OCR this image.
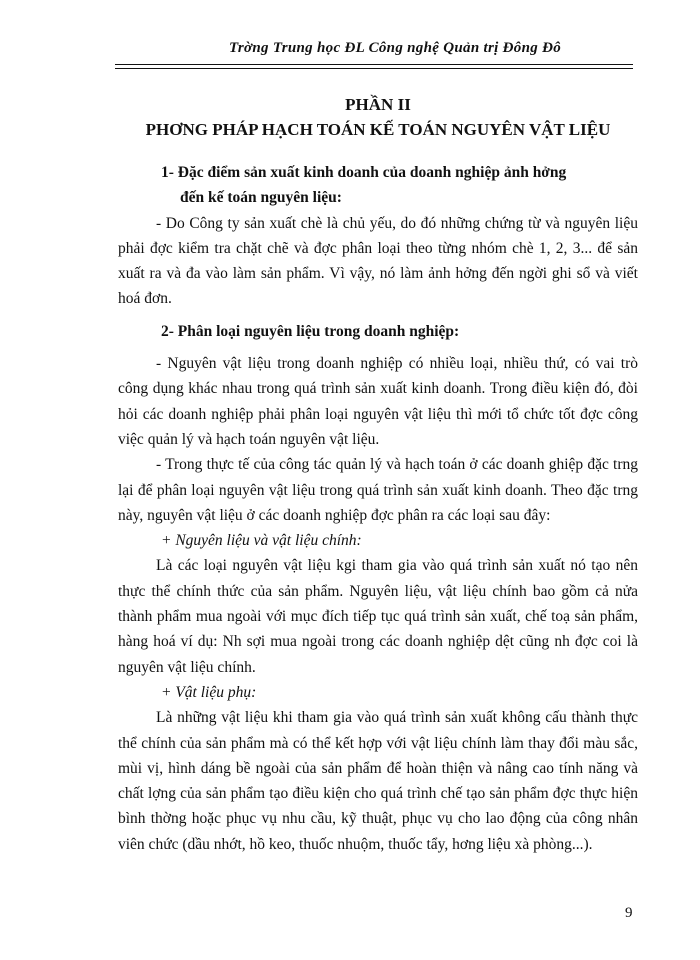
Trờng Trung học ĐL Công nghệ Quản trị Đông Đô
PHẦN II
PHƠNG PHÁP HẠCH TOÁN KẾ TOÁN NGUYÊN VẬT LIỆU
1- Đặc điểm sản xuất kinh doanh của doanh nghiệp ảnh hởng
đến kế toán nguyên liệu:

- Do Công ty sản xuất chè là chủ yếu, do đó những chứng từ và nguyên liệu phải đợc kiểm tra chặt chẽ và đợc phân loại theo từng nhóm chè 1, 2, 3... để sản xuất ra và đa vào làm sản phẩm. Vì vậy, nó làm ảnh hởng đến ngời ghi sổ và viết hoá đơn.

2- Phân loại nguyên liệu trong doanh nghiệp:

- Nguyên vật liệu trong doanh nghiệp có nhiều loại, nhiều thứ, có vai trò công dụng khác nhau trong quá trình sản xuất kinh doanh. Trong điều kiện đó, đòi hỏi các doanh nghiệp phải phân loại nguyên vật liệu thì mới tổ chức tốt đợc công việc quản lý và hạch toán nguyên vật liệu.

- Trong thực tế của công tác quản lý và hạch toán ở các doanh ghiệp đặc trng lại để phân loại nguyên vật liệu trong quá trình sản xuất kinh doanh. Theo đặc trng này, nguyên vật liệu ở các doanh nghiệp đợc phân ra các loại sau đây:

+ Nguyên liệu và vật liệu chính:

Là các loại nguyên vật liệu kgi tham gia vào quá trình sản xuất nó tạo nên thực thể chính thức của sản phẩm. Nguyên liệu, vật liệu chính bao gồm cả nửa thành phẩm mua ngoài với mục đích tiếp tục quá trình sản xuất, chế toạ sản phẩm, hàng hoá ví dụ: Nh sợi mua ngoài trong các doanh nghiệp dệt cũng nh đợc coi là nguyên vật liệu chính.

+ Vật liệu phụ:

Là những vật liệu khi tham gia vào quá trình sản xuất không cấu thành thực thể chính của sản phẩm mà có thể kết hợp với vật liệu chính làm thay đổi màu sắc, mùi vị, hình dáng bề ngoài của sản phẩm để hoàn thiện và nâng cao tính năng và chất lợng của sản phẩm tạo điều kiện cho quá trình chế tạo sản phẩm đợc thực hiện bình thờng hoặc phục vụ nhu cầu, kỹ thuật, phục vụ cho lao động của công nhân viên chức (dầu nhớt, hồ keo, thuốc nhuộm, thuốc tẩy, hơng liệu xà phòng...).

9
